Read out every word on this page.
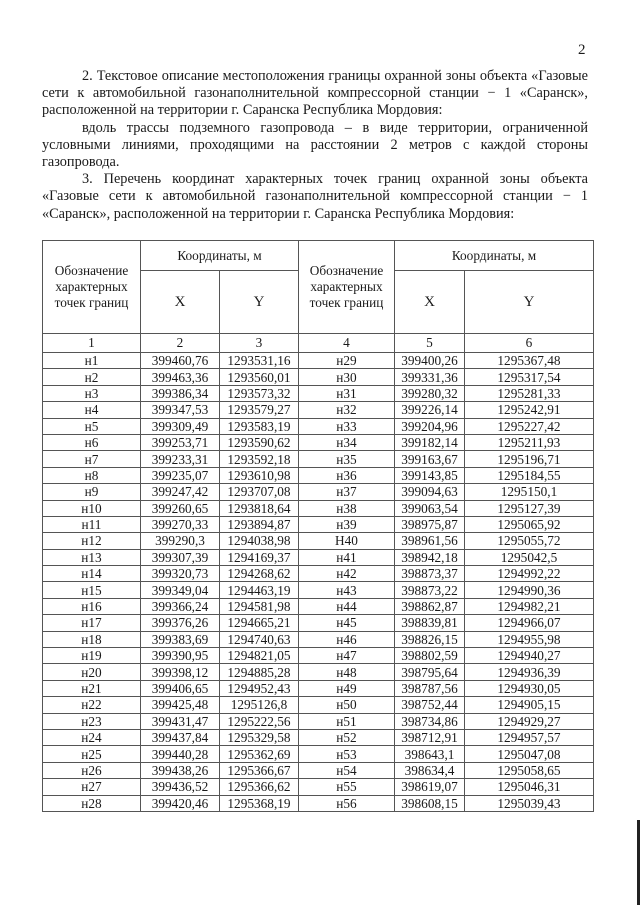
2

2. Текстовое описание местоположения границы охранной зоны объекта «Газовые сети к автомобильной газонаполнительной компрессорной станции − 1 «Саранск», расположенной на территории г. Саранска Республика Мордовия:

вдоль трассы подземного газопровода – в виде территории, ограниченной условными линиями, проходящими на расстоянии 2 метров с каждой стороны газопровода.

3. Перечень координат характерных точек границ охранной зоны объекта «Газовые сети к автомобильной газонаполнительной компрессорной станции − 1 «Саранск», расположенной на территории г. Саранска Республика Мордовия:

Обозначение характерных точек границ	Координаты, м		Обозначение характерных точек границ	Координаты, м	
	X	Y		X	Y
1	2	3	4	5	6
н1	399460,76	1293531,16	н29	399400,26	1295367,48
н2	399463,36	1293560,01	н30	399331,36	1295317,54
н3	399386,34	1293573,32	н31	399280,32	1295281,33
н4	399347,53	1293579,27	н32	399226,14	1295242,91
н5	399309,49	1293583,19	н33	399204,96	1295227,42
н6	399253,71	1293590,62	н34	399182,14	1295211,93
н7	399233,31	1293592,18	н35	399163,67	1295196,71
н8	399235,07	1293610,98	н36	399143,85	1295184,55
н9	399247,42	1293707,08	н37	399094,63	1295150,1
н10	399260,65	1293818,64	н38	399063,54	1295127,39
н11	399270,33	1293894,87	н39	398975,87	1295065,92
н12	399290,3	1294038,98	Н40	398961,56	1295055,72
н13	399307,39	1294169,37	н41	398942,18	1295042,5
н14	399320,73	1294268,62	н42	398873,37	1294992,22
н15	399349,04	1294463,19	н43	398873,22	1294990,36
н16	399366,24	1294581,98	н44	398862,87	1294982,21
н17	399376,26	1294665,21	н45	398839,81	1294966,07
н18	399383,69	1294740,63	н46	398826,15	1294955,98
н19	399390,95	1294821,05	н47	398802,59	1294940,27
н20	399398,12	1294885,28	н48	398795,64	1294936,39
н21	399406,65	1294952,43	н49	398787,56	1294930,05
н22	399425,48	1295126,8	н50	398752,44	1294905,15
н23	399431,47	1295222,56	н51	398734,86	1294929,27
н24	399437,84	1295329,58	н52	398712,91	1294957,57
н25	399440,28	1295362,69	н53	398643,1	1295047,08
н26	399438,26	1295366,67	н54	398634,4	1295058,65
н27	399436,52	1295366,62	н55	398619,07	1295046,31
н28	399420,46	1295368,19	н56	398608,15	1295039,43
